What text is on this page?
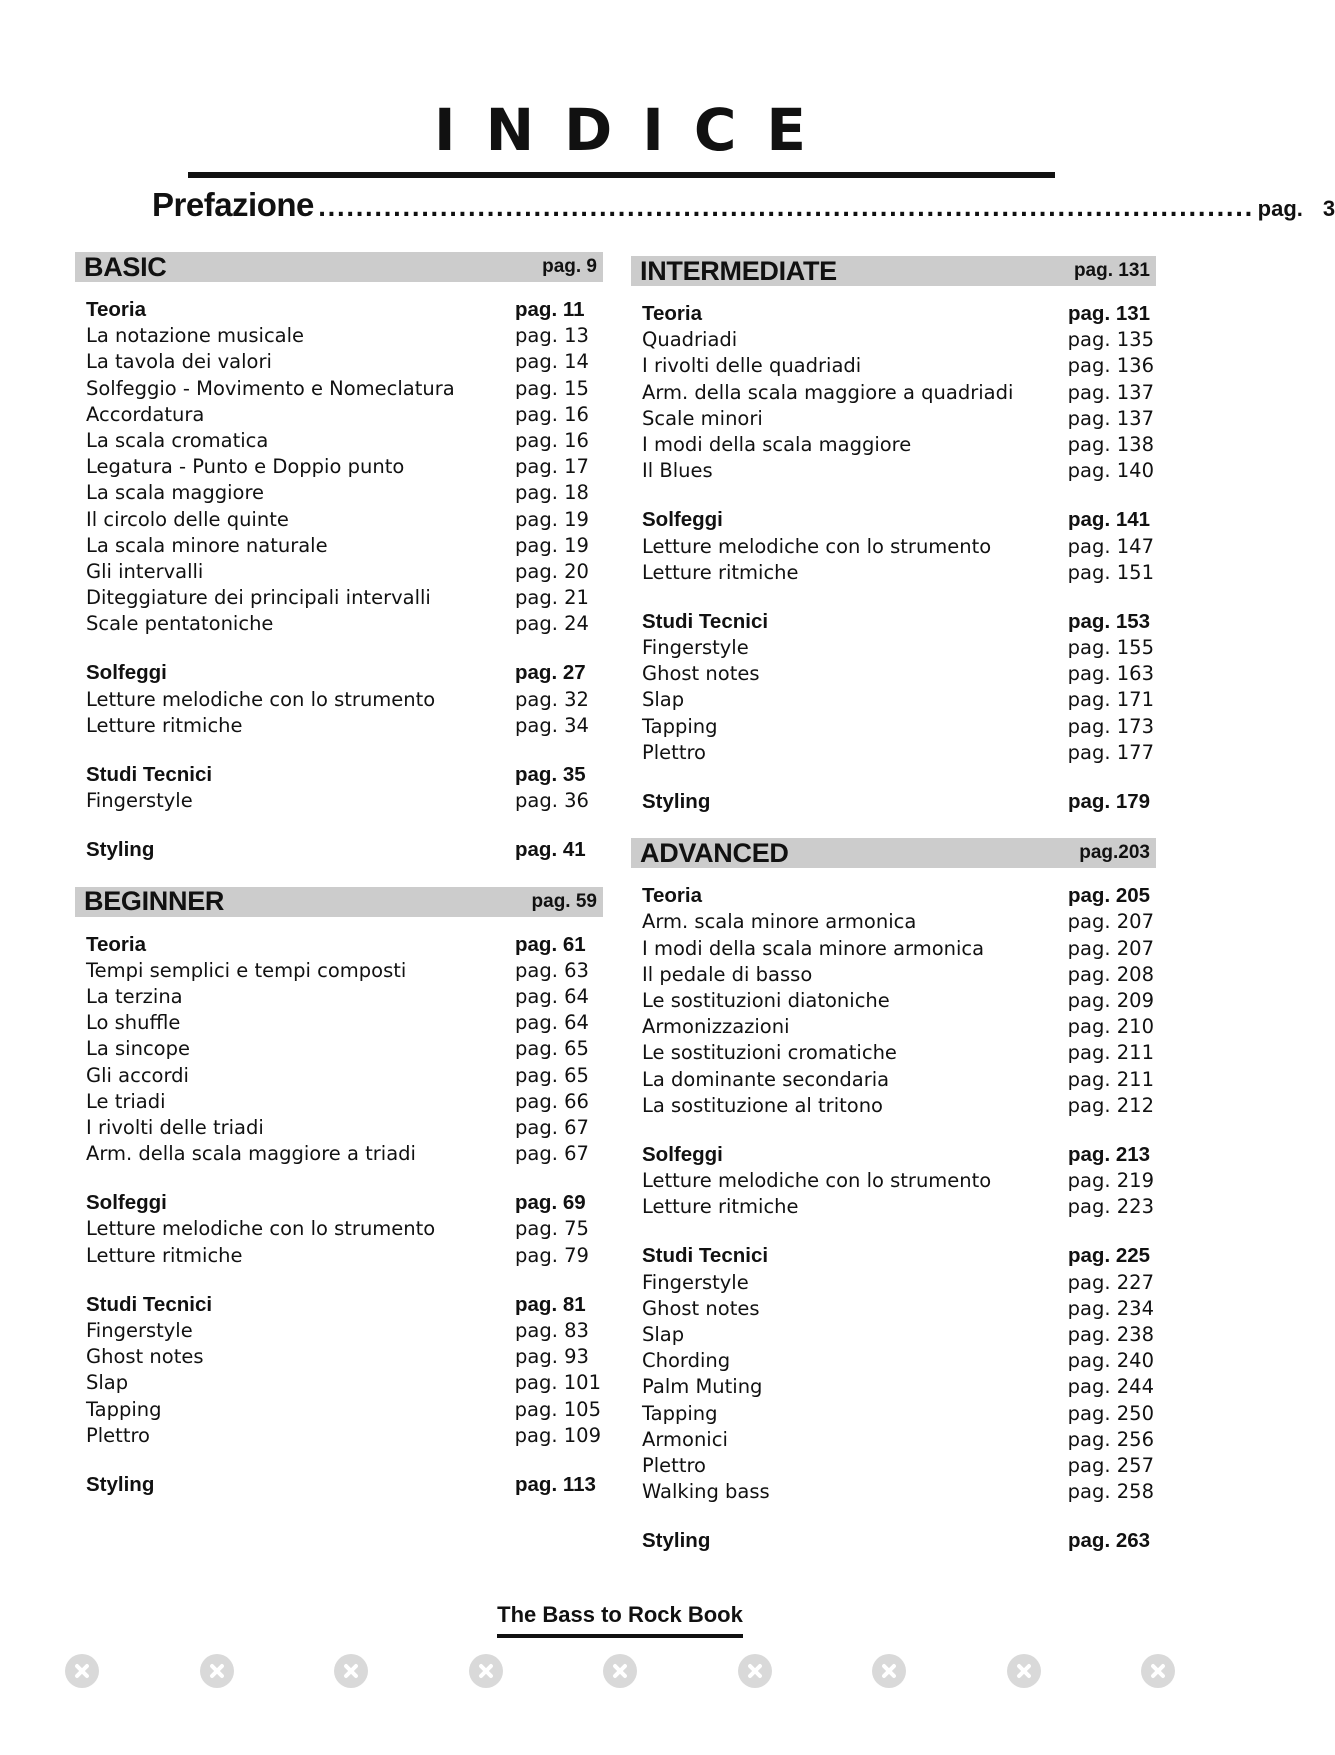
INDICE
Prefazione .................................................................................................... pag. 3
BASIC	pag. 9
Teoria	pag. 11
La notazione musicale	pag. 13
La tavola dei valori	pag. 14
Solfeggio - Movimento e Nomeclatura	pag. 15
Accordatura	pag. 16
La scala cromatica	pag. 16
Legatura - Punto e Doppio punto	pag. 17
La scala maggiore	pag. 18
Il circolo delle quinte	pag. 19
La scala minore naturale	pag. 19
Gli intervalli	pag. 20
Diteggiature dei principali intervalli	pag. 21
Scale pentatoniche	pag. 24
Solfeggi	pag. 27
Letture melodiche con lo strumento	pag. 32
Letture ritmiche	pag. 34
Studi Tecnici	pag. 35
Fingerstyle	pag. 36
Styling	pag. 41
BEGINNER	pag. 59
Teoria	pag. 61
Tempi semplici e tempi composti	pag. 63
La terzina	pag. 64
Lo shuffle	pag. 64
La sincope	pag. 65
Gli accordi	pag. 65
Le triadi	pag. 66
I rivolti delle triadi	pag. 67
Arm. della scala maggiore a triadi	pag. 67
Solfeggi	pag. 69
Letture melodiche con lo strumento	pag. 75
Letture ritmiche	pag. 79
Studi Tecnici	pag. 81
Fingerstyle	pag. 83
Ghost notes	pag. 93
Slap	pag. 101
Tapping	pag. 105
Plettro	pag. 109
Styling	pag. 113
INTERMEDIATE	pag. 131
Teoria	pag. 131
Quadriadi	pag. 135
I rivolti delle quadriadi	pag. 136
Arm. della scala maggiore a quadriadi	pag. 137
Scale minori	pag. 137
I modi della scala maggiore	pag. 138
Il Blues	pag. 140
Solfeggi	pag. 141
Letture melodiche con lo strumento	pag. 147
Letture ritmiche	pag. 151
Studi Tecnici	pag. 153
Fingerstyle	pag. 155
Ghost notes	pag. 163
Slap	pag. 171
Tapping	pag. 173
Plettro	pag. 177
Styling	pag. 179
ADVANCED	pag.203
Teoria	pag. 205
Arm. scala minore armonica	pag. 207
I modi della scala minore armonica	pag. 207
Il pedale di basso	pag. 208
Le sostituzioni diatoniche	pag. 209
Armonizzazioni	pag. 210
Le sostituzioni cromatiche	pag. 211
La dominante secondaria	pag. 211
La sostituzione al tritono	pag. 212
Solfeggi	pag. 213
Letture melodiche con lo strumento	pag. 219
Letture ritmiche	pag. 223
Studi Tecnici	pag. 225
Fingerstyle	pag. 227
Ghost notes	pag. 234
Slap	pag. 238
Chording	pag. 240
Palm Muting	pag. 244
Tapping	pag. 250
Armonici	pag. 256
Plettro	pag. 257
Walking bass	pag. 258
Styling	pag. 263
The Bass to Rock Book
